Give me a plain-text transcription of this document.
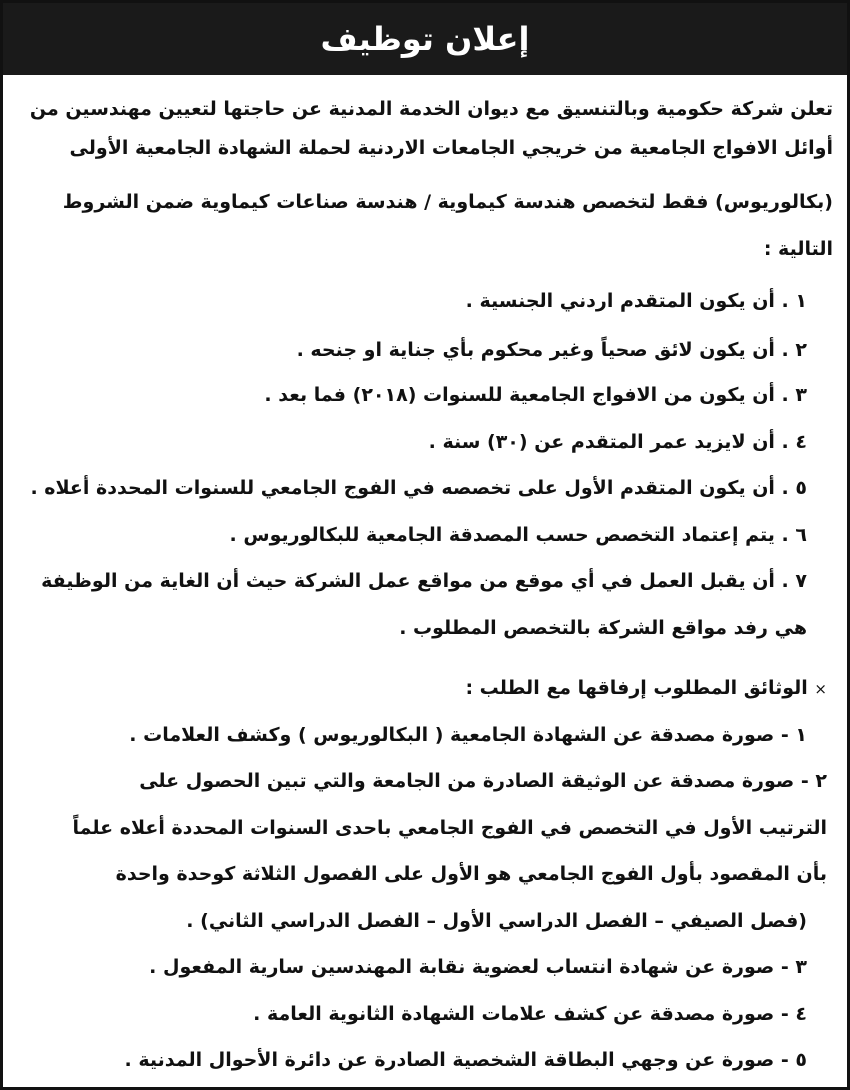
إعلان توظيف
تعلن شركة حكومية وبالتنسيق مع ديوان الخدمة المدنية عن حاجتها لتعيين مهندسين من
أوائل الافواج الجامعية من خريجي الجامعات الاردنية لحملة الشهادة الجامعية الأولى
(بكالوريوس) فقط لتخصص هندسة كيماوية / هندسة صناعات كيماوية ضمن الشروط
التالية :
١ . أن يكون المتقدم اردني الجنسية .
٢ . أن يكون لائق صحياً وغير محكوم بأي جناية او جنحه .
٣ . أن يكون من الافواج الجامعية للسنوات (٢٠١٨) فما بعد .
٤ . أن لايزيد عمر المتقدم عن (٣٠) سنة .
٥ . أن يكون المتقدم الأول على تخصصه في الفوج الجامعي للسنوات المحددة أعلاه .
٦ . يتم إعتماد التخصص حسب المصدقة الجامعية للبكالوريوس .
٧ . أن يقبل العمل في أي موقع من مواقع عمل الشركة حيث أن الغاية من الوظيفة
هي رفد مواقع الشركة بالتخصص المطلوب .
× الوثائق المطلوب إرفاقها مع الطلب :
١ - صورة مصدقة عن الشهادة الجامعية ( البكالوريوس ) وكشف العلامات .
٢ - صورة مصدقة عن الوثيقة الصادرة من الجامعة والتي تبين الحصول على
الترتيب الأول في التخصص في الفوج الجامعي باحدى السنوات المحددة أعلاه علماً
بأن المقصود بأول الفوج الجامعي هو الأول على الفصول الثلاثة كوحدة واحدة
(فصل الصيفي – الفصل الدراسي الأول – الفصل الدراسي الثاني) .
٣ - صورة عن شهادة انتساب لعضوية نقابة المهندسين سارية المفعول .
٤ - صورة مصدقة عن كشف علامات الشهادة الثانوية العامة .
٥ - صورة عن وجهي البطاقة الشخصية الصادرة عن دائرة الأحوال المدنية .
